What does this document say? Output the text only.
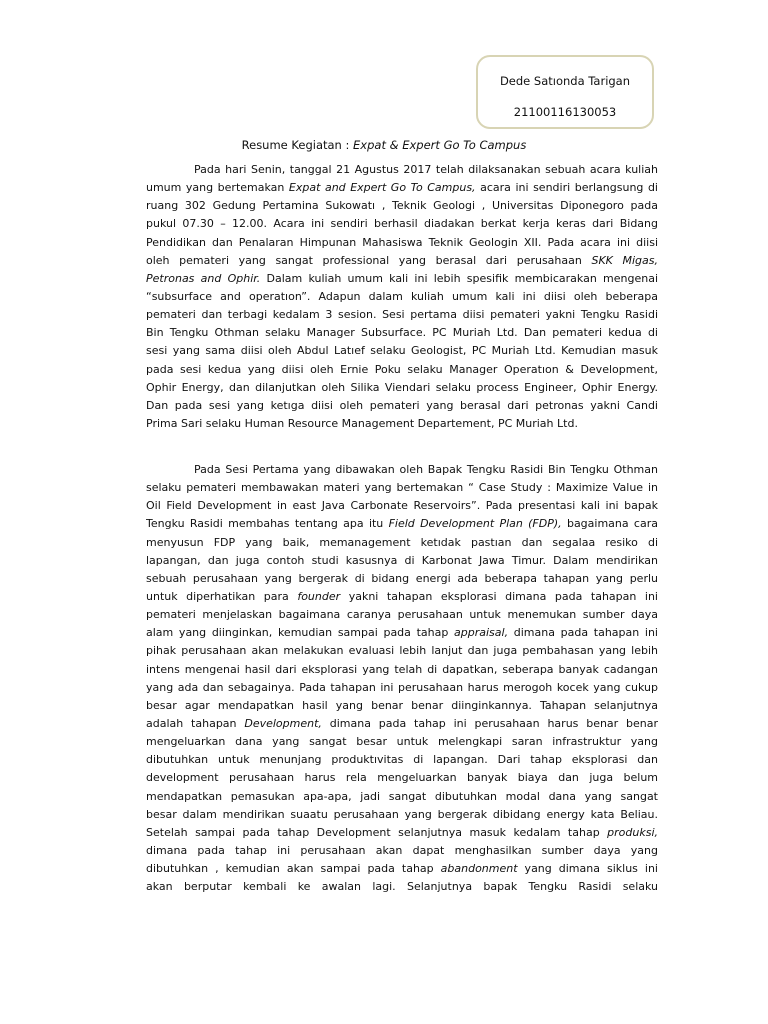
Dede Satıonda Tarigan
21100116130053
Resume Kegiatan : Expat & Expert Go To Campus
Pada hari Senin, tanggal 21 Agustus 2017 telah dilaksanakan sebuah acara kuliah
umum yang bertemakan Expat and Expert Go To Campus, acara ini sendiri berlangsung di
ruang 302 Gedung Pertamina Sukowatı , Teknik Geologi , Universitas Diponegoro pada
pukul 07.30 – 12.00. Acara ini sendiri berhasil diadakan berkat kerja keras dari Bidang
Pendidikan dan Penalaran Himpunan Mahasiswa Teknik Geologin XII. Pada acara ini diisi
oleh pemateri yang sangat professional yang berasal dari perusahaan SKK Migas,
Petronas and Ophir. Dalam kuliah umum kali ini lebih spesifik membicarakan mengenai
“subsurface and operatıon”. Adapun dalam kuliah umum kali ini diisi oleh beberapa
pemateri dan terbagi kedalam 3 sesion. Sesi pertama diisi pemateri yakni Tengku Rasidi
Bin Tengku Othman selaku Manager Subsurface. PC Muriah Ltd. Dan pemateri kedua di
sesi yang sama diisi oleh Abdul Latıef selaku Geologist, PC Muriah Ltd. Kemudian masuk
pada sesi kedua yang diisi oleh Ernie Poku selaku Manager Operatıon & Development,
Ophir Energy, dan dilanjutkan oleh Silika Viendari selaku process Engineer, Ophir Energy.
Dan pada sesi yang ketıga diisi oleh pemateri yang berasal dari petronas yakni Candi
Prima Sari selaku Human Resource Management Departement, PC Muriah Ltd.
Pada Sesi Pertama yang dibawakan oleh Bapak Tengku Rasidi Bin Tengku Othman
selaku pemateri membawakan materi yang bertemakan “ Case Study : Maximize Value in
Oil Field Development in east Java Carbonate Reservoirs”. Pada presentasi kali ini bapak
Tengku Rasidi membahas tentang apa itu Field Development Plan (FDP), bagaimana cara
menyusun FDP yang baik, memanagement ketıdak pastıan dan segalaa resiko di
lapangan, dan juga contoh studi kasusnya di Karbonat Jawa Timur. Dalam mendirikan
sebuah perusahaan yang bergerak di bidang energi ada beberapa tahapan yang perlu
untuk diperhatikan para founder yakni tahapan eksplorasi dimana pada tahapan ini
pemateri menjelaskan bagaimana caranya perusahaan untuk menemukan sumber daya
alam yang diinginkan, kemudian sampai pada tahap appraisal, dimana pada tahapan ini
pihak perusahaan akan melakukan evaluasi lebih lanjut dan juga pembahasan yang lebih
intens mengenai hasil dari eksplorasi yang telah di dapatkan, seberapa banyak cadangan
yang ada dan sebagainya. Pada tahapan ini perusahaan harus merogoh kocek yang cukup
besar agar mendapatkan hasil yang benar benar diinginkannya. Tahapan selanjutnya
adalah tahapan Development, dimana pada tahap ini perusahaan harus benar benar
mengeluarkan dana yang sangat besar untuk melengkapi saran infrastruktur yang
dibutuhkan untuk menunjang produktıvitas di lapangan. Dari tahap eksplorasi dan
development perusahaan harus rela mengeluarkan banyak biaya dan juga belum
mendapatkan pemasukan apa-apa, jadi sangat dibutuhkan modal dana yang sangat
besar dalam mendirikan suaatu perusahaan yang bergerak dibidang energy kata Beliau.
Setelah sampai pada tahap Development selanjutnya masuk kedalam tahap produksi,
dimana pada tahap ini perusahaan akan dapat menghasilkan sumber daya yang
dibutuhkan , kemudian akan sampai pada tahap abandonment yang dimana siklus ini
akan berputar kembali ke awalan lagi. Selanjutnya bapak Tengku Rasidi selaku
